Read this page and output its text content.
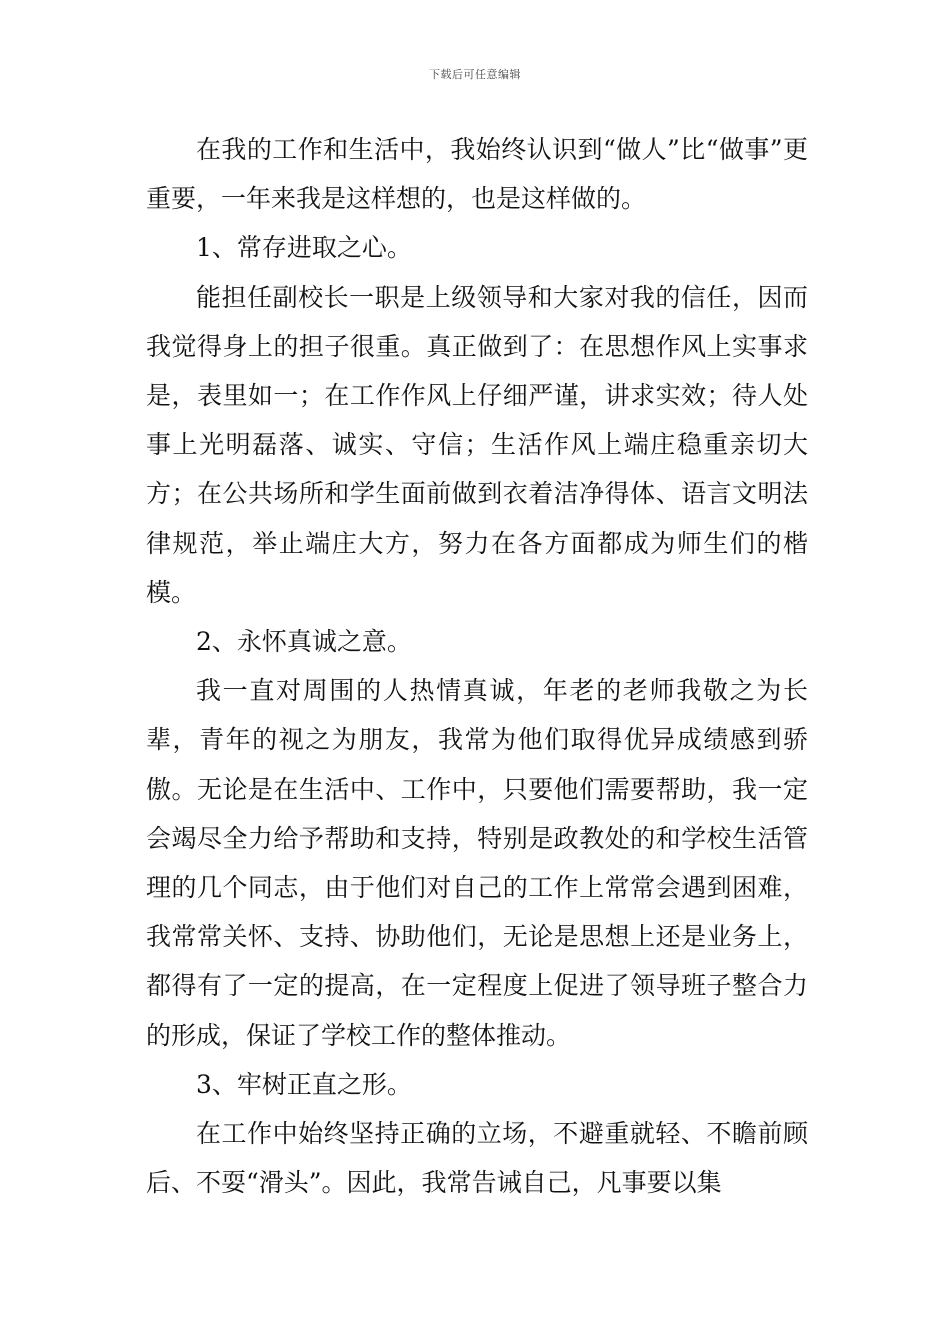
下载后可任意编辑

在我的工作和生活中，我始终认识到“做人”比“做事”更重要，一年来我是这样想的，也是这样做的。

1、常存进取之心。

能担任副校长一职是上级领导和大家对我的信任，因而我觉得身上的担子很重。真正做到了：在思想作风上实事求是，表里如一；在工作作风上仔细严谨，讲求实效；待人处事上光明磊落、诚实、守信；生活作风上端庄稳重亲切大方；在公共场所和学生面前做到衣着洁净得体、语言文明法律规范，举止端庄大方，努力在各方面都成为师生们的楷模。

2、永怀真诚之意。

我一直对周围的人热情真诚，年老的老师我敬之为长辈，青年的视之为朋友，我常为他们取得优异成绩感到骄傲。无论是在生活中、工作中，只要他们需要帮助，我一定会竭尽全力给予帮助和支持，特别是政教处的和学校生活管理的几个同志，由于他们对自己的工作上常常会遇到困难，我常常关怀、支持、协助他们，无论是思想上还是业务上，都得有了一定的提高，在一定程度上促进了领导班子整合力的形成，保证了学校工作的整体推动。

3、牢树正直之形。

在工作中始终坚持正确的立场，不避重就轻、不瞻前顾后、不耍“滑头”。因此，我常告诫自己，凡事要以集
